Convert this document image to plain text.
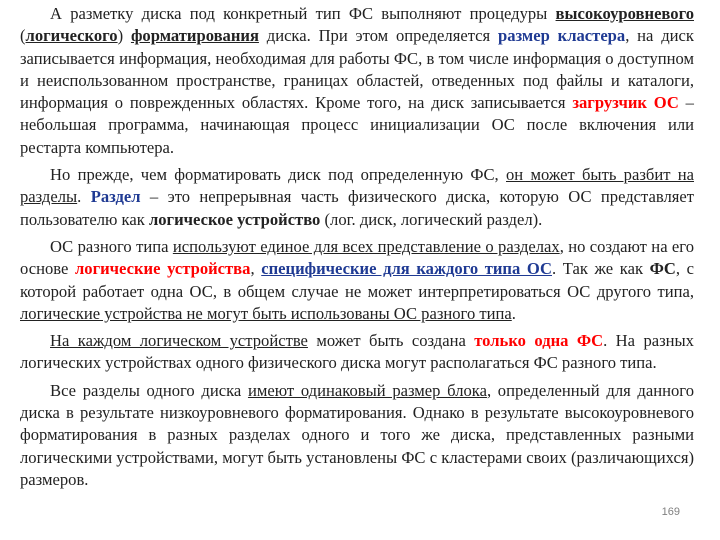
А разметку диска под конкретный тип ФС выполняют процедуры высокоуровневого (логического) форматирования диска. При этом определяется размер кластера, на диск записывается информация, необходимая для работы ФС, в том числе информация о доступном и неиспользованном пространстве, границах областей, отведенных под файлы и каталоги, информация о поврежденных областях. Кроме того, на диск записывается загрузчик ОС – небольшая программа, начинающая процесс инициализации ОС после включения или рестарта компьютера.

Но прежде, чем форматировать диск под определенную ФС, он может быть разбит на разделы. Раздел – это непрерывная часть физического диска, которую ОС представляет пользователю как логическое устройство (лог. диск, логический раздел).

ОС разного типа используют единое для всех представление о разделах, но создают на его основе логические устройства, специфические для каждого типа ОС. Так же как ФС, с которой работает одна ОС, в общем случае не может интерпретироваться ОС другого типа, логические устройства не могут быть использованы ОС разного типа.

На каждом логическом устройстве может быть создана только одна ФС. На разных логических устройствах одного физического диска могут располагаться ФС разного типа.

Все разделы одного диска имеют одинаковый размер блока, определенный для данного диска в результате низкоуровневого форматирования. Однако в результате высокоуровневого форматирования в разных разделах одного и того же диска, представленных разными логическими устройствами, могут быть установлены ФС с кластерами своих (различающихся) размеров.

169
